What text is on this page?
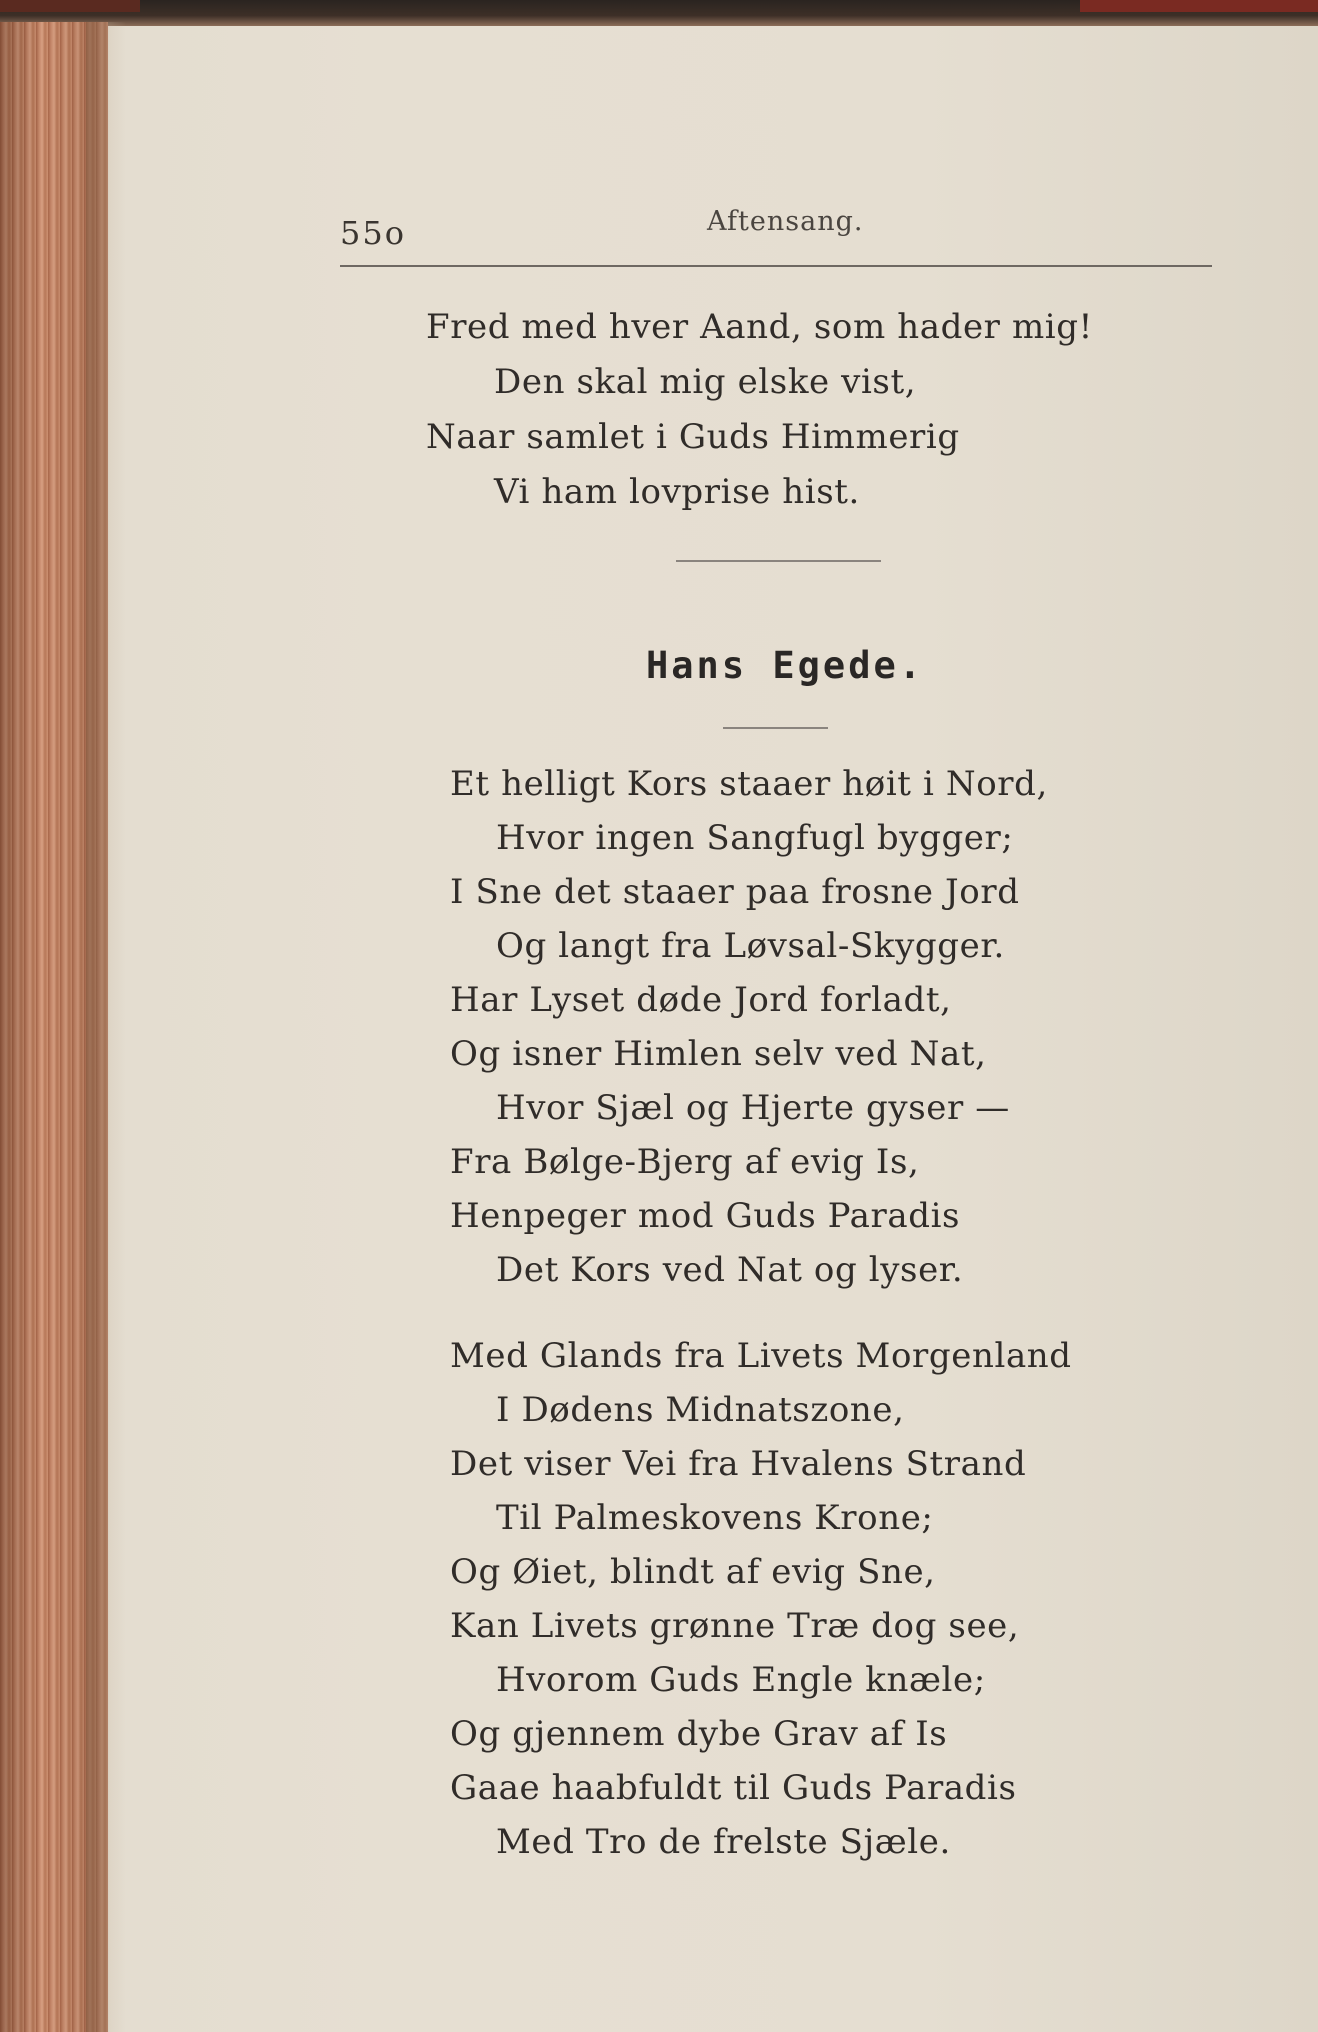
55o	Aftensang.
Fred med hver Aand, som hader mig!
Den skal mig elske vist,
Naar samlet i Guds Himmerig
Vi ham lovprise hist.
Hans Egede.
Et helligt Kors staaer høit i Nord,
Hvor ingen Sangfugl bygger;
I Sne det staaer paa frosne Jord
Og langt fra Løvsal-Skygger.
Har Lyset døde Jord forladt,
Og isner Himlen selv ved Nat,
Hvor Sjæl og Hjerte gyser —
Fra Bølge-Bjerg af evig Is,
Henpeger mod Guds Paradis
Det Kors ved Nat og lyser.
Med Glands fra Livets Morgenland
I Dødens Midnatszone,
Det viser Vei fra Hvalens Strand
Til Palmeskovens Krone;
Og Øiet, blindt af evig Sne,
Kan Livets grønne Træ dog see,
Hvorom Guds Engle knæle;
Og gjennem dybe Grav af Is
Gaae haabfuldt til Guds Paradis
Med Tro de frelste Sjæle.
